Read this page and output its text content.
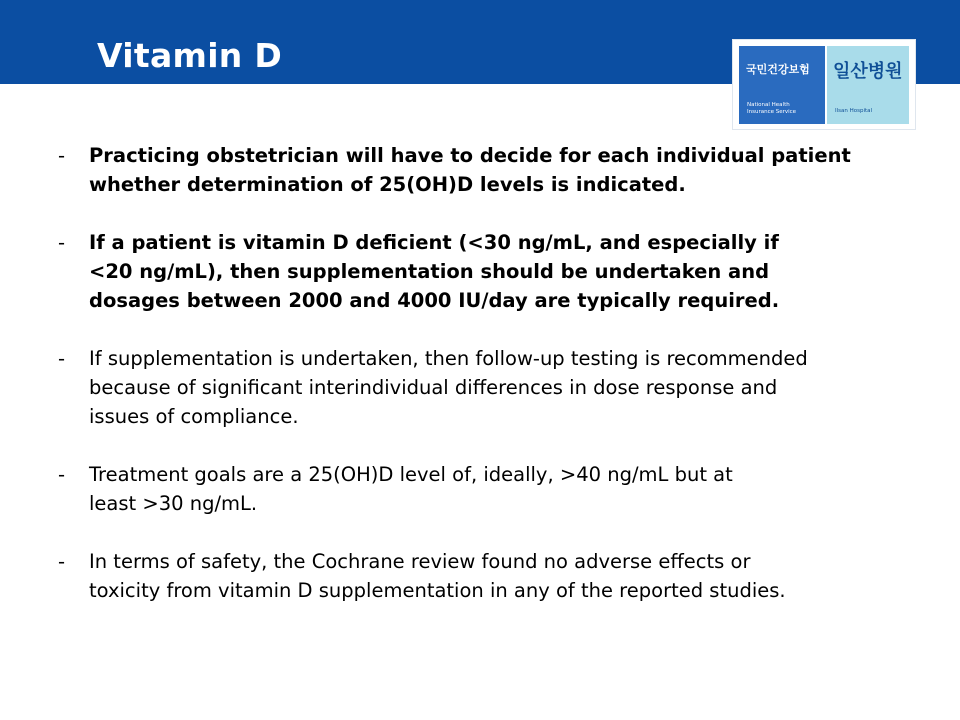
Vitamin D	국민건강보험
National Health
Insurance Service
일산병원
Ilsan Hospital
- Practicing obstetrician will have to decide for each individual patient
whether determination of 25(OH)D levels is indicated.
- If a patient is vitamin D deficient (<30 ng/mL, and especially if
<20 ng/mL), then supplementation should be undertaken and
dosages between 2000 and 4000 IU/day are typically required.
- If supplementation is undertaken, then follow-up testing is recommended
because of significant interindividual differences in dose response and
issues of compliance.
- Treatment goals are a 25(OH)D level of, ideally, >40 ng/mL but at
least >30 ng/mL.
- In terms of safety, the Cochrane review found no adverse effects or
toxicity from vitamin D supplementation in any of the reported studies.
